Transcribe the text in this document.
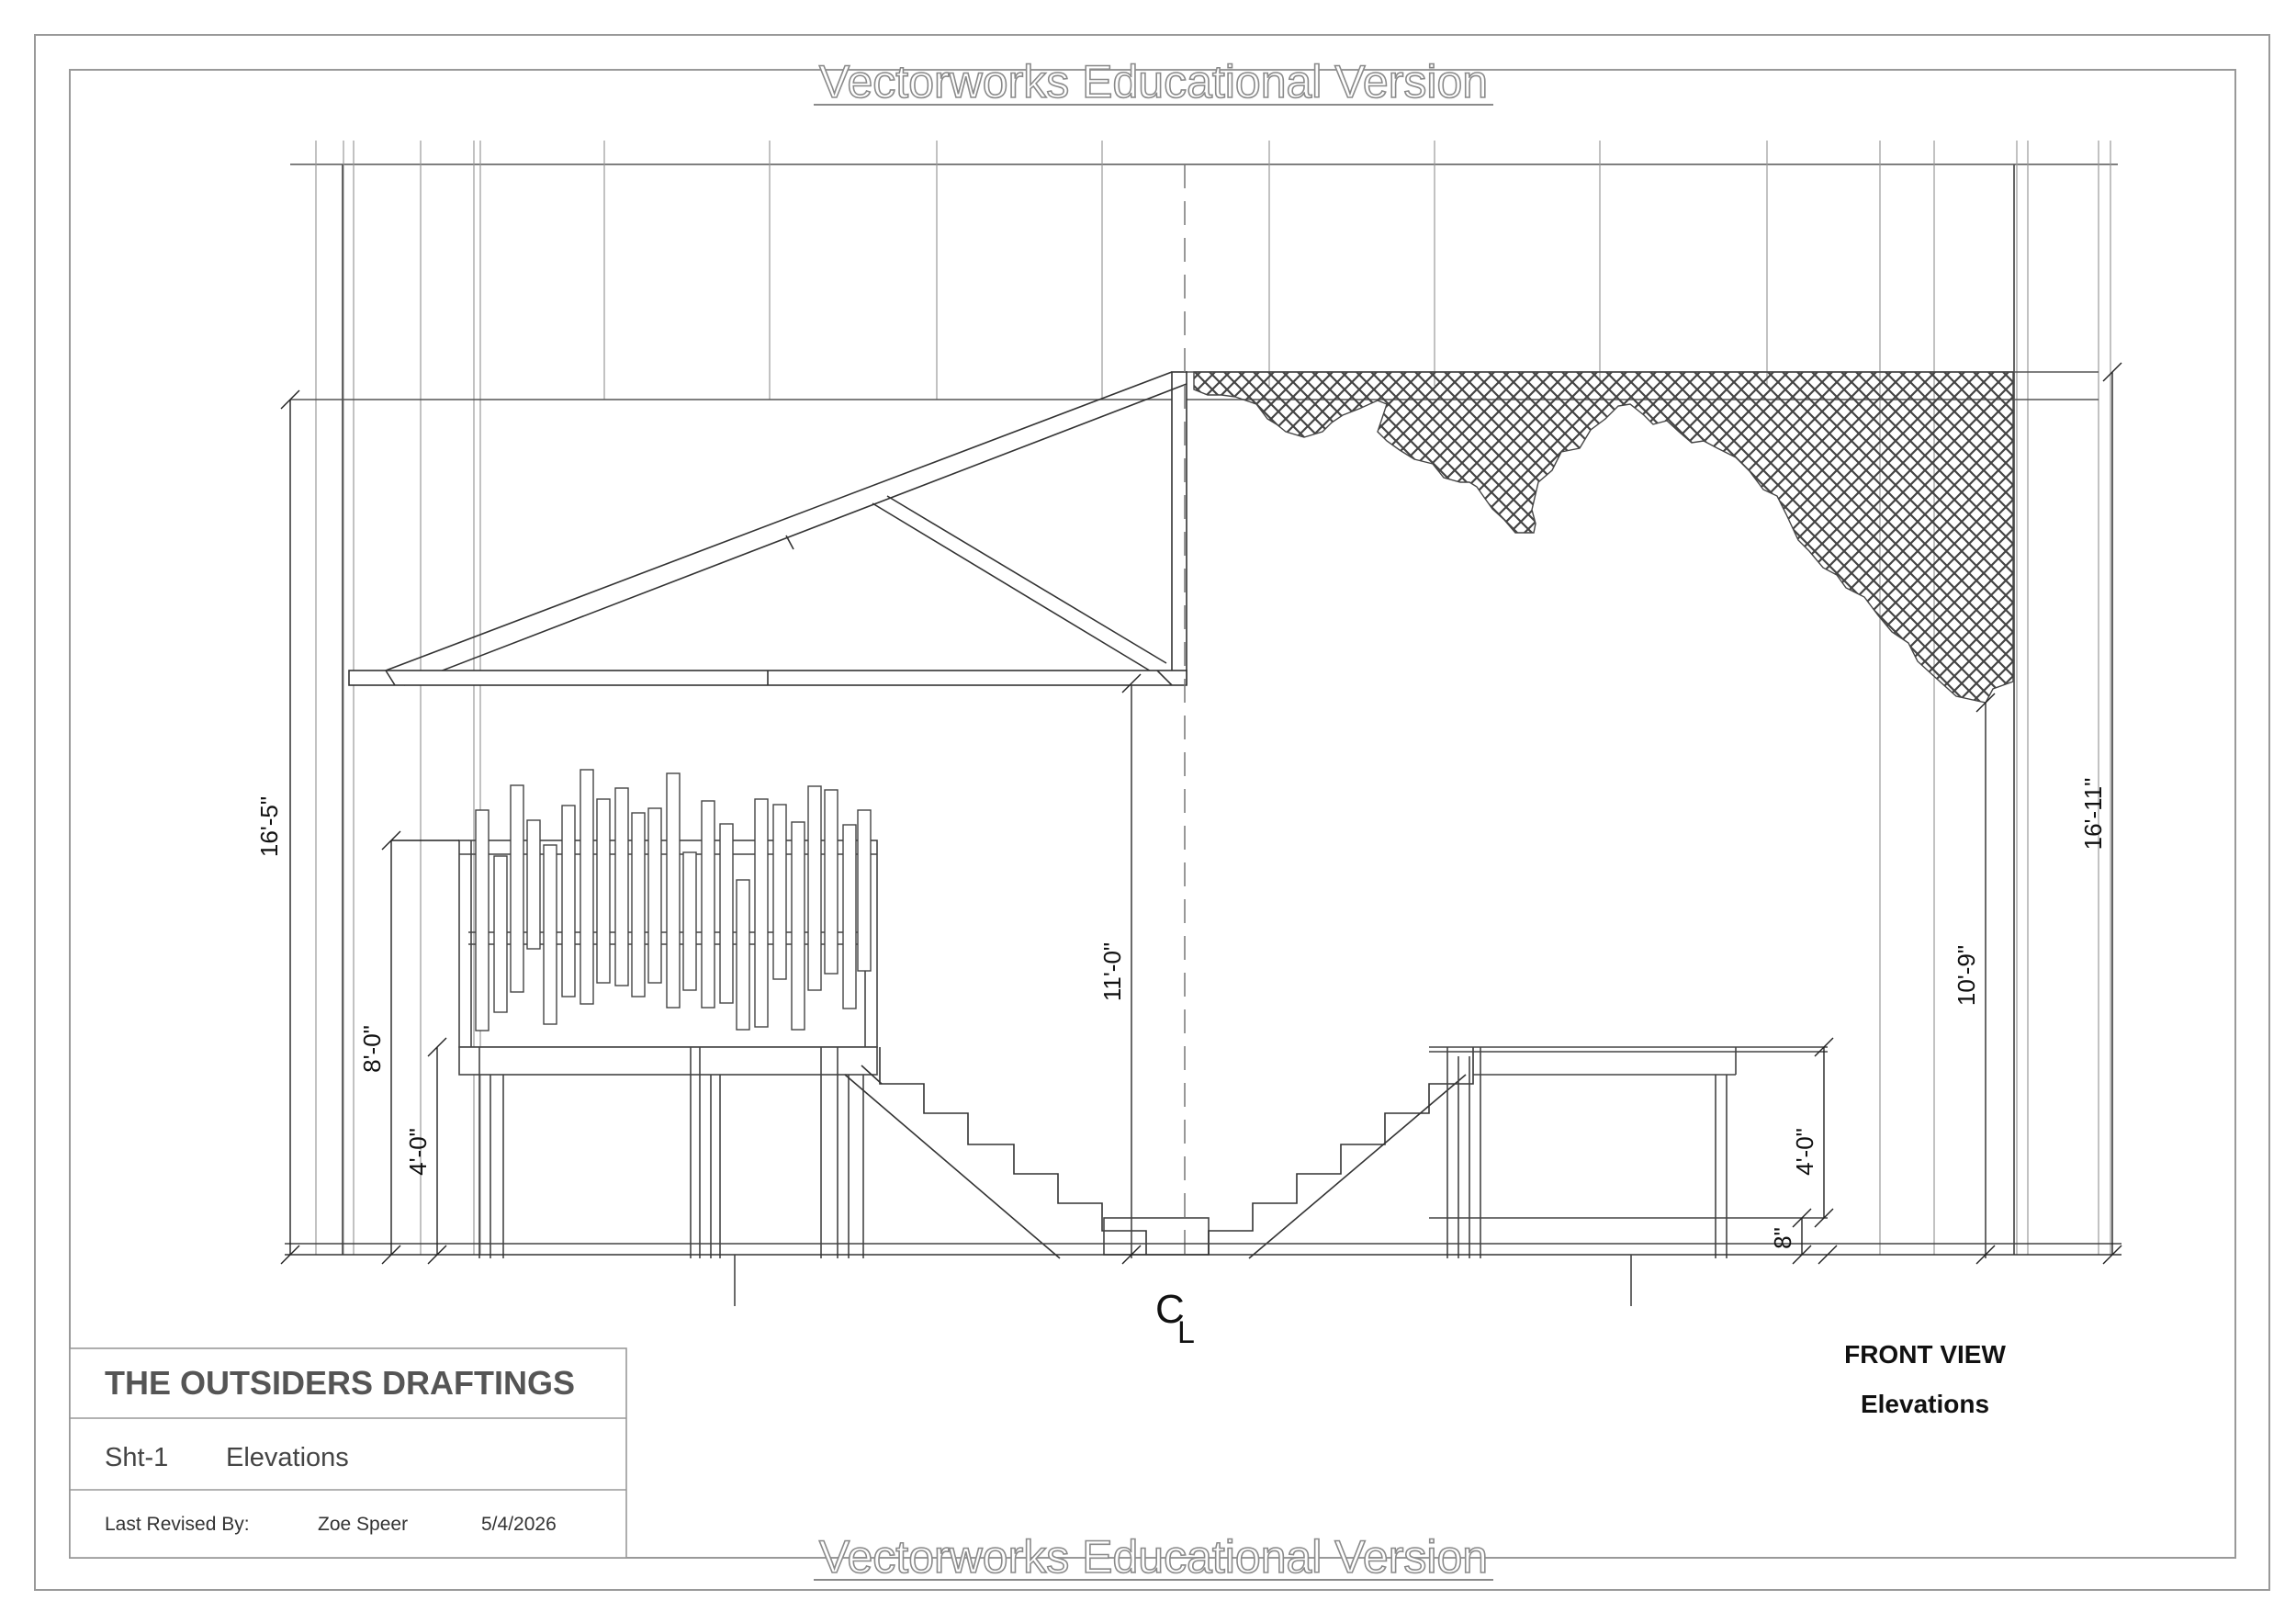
Vectorworks Educational Version
Vectorworks Educational Version
16'-5"
8'-0"
4'-0"
11'-0"
4'-0"
8"
10'-9"
16'-11"
C
L
THE OUTSIDERS DRAFTINGS
Sht-1 Elevations
Last Revised By:	Zoe Speer	5/4/2026
FRONT VIEW
Elevations
